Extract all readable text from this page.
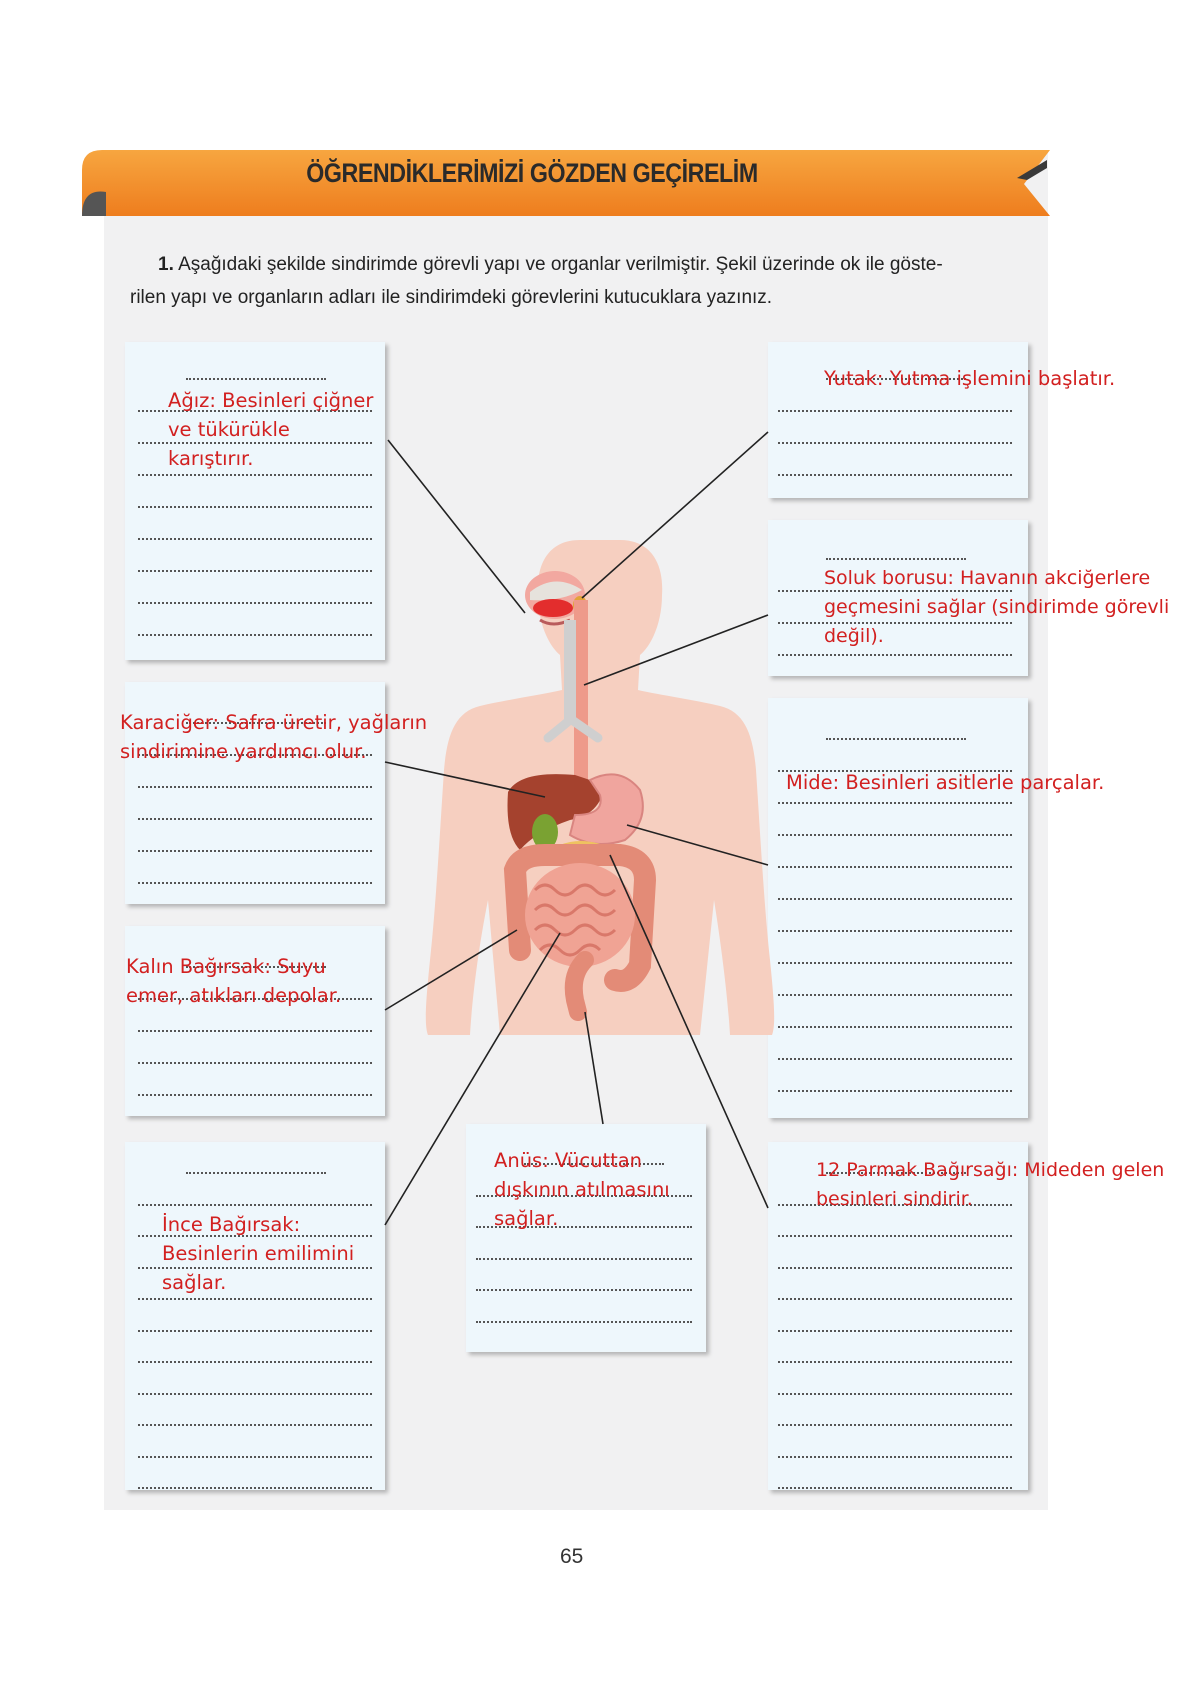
ÖĞRENDİKLERİMİZİ GÖZDEN GEÇİRELİM
1. Aşağıdaki şekilde sindirimde görevli yapı ve organlar verilmiştir. Şekil üzerinde ok ile göste-
rilen yapı ve organların adları ile sindirimdeki görevlerini kutucuklara yazınız.
Ağız: Besinleri çiğner
ve tükürükle
karıştırır.
Yutak: Yutma işlemini başlatır.
Soluk borusu: Havanın akciğerlere
geçmesini sağlar (sindirimde görevli
değil).
Karaciğer: Safra üretir, yağların
sindirimine yardımcı olur.
Mide: Besinleri asitlerle parçalar.
Kalın Bağırsak: Suyu
emer, atıkları depolar.
İnce Bağırsak:
Besinlerin emilimini
sağlar.
Anüs: Vücuttan
dışkının atılmasını
sağlar.
12 Parmak Bağırsağı: Mideden gelen
besinleri sindirir.
65
